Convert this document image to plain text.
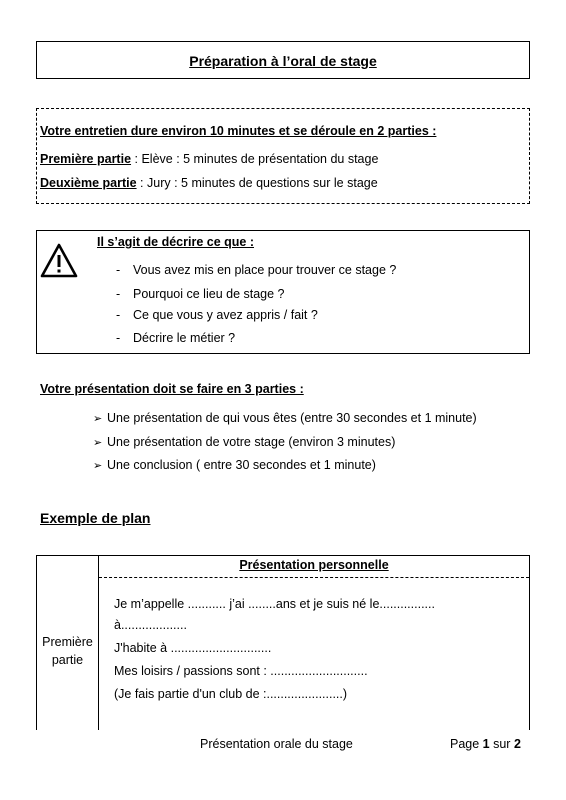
Préparation à l’oral de stage
Votre entretien dure environ 10 minutes et se déroule en 2 parties :
Première partie : Elève : 5 minutes de présentation du stage
Deuxième partie : Jury : 5 minutes de questions sur le stage
Il s’agit de décrire ce que :
- Vous avez mis en place pour trouver ce stage ?
- Pourquoi ce lieu de stage ?
- Ce que vous y avez appris / fait ?
- Décrire le métier ?
Votre présentation doit se faire en 3 parties :
➢ Une présentation de qui vous êtes (entre 30 secondes et 1 minute)
➢ Une présentation de votre stage (environ 3 minutes)
➢ Une conclusion ( entre 30 secondes et 1 minute)
Exemple de plan
Présentation personnelle
Première
partie
Je m’appelle ........... j’ai ........ans et je suis né le................
à...................
J'habite à .............................
Mes loisirs / passions sont : ............................
(Je fais partie d'un club de :......................)
Présentation orale du stage	Page 1 sur 2
